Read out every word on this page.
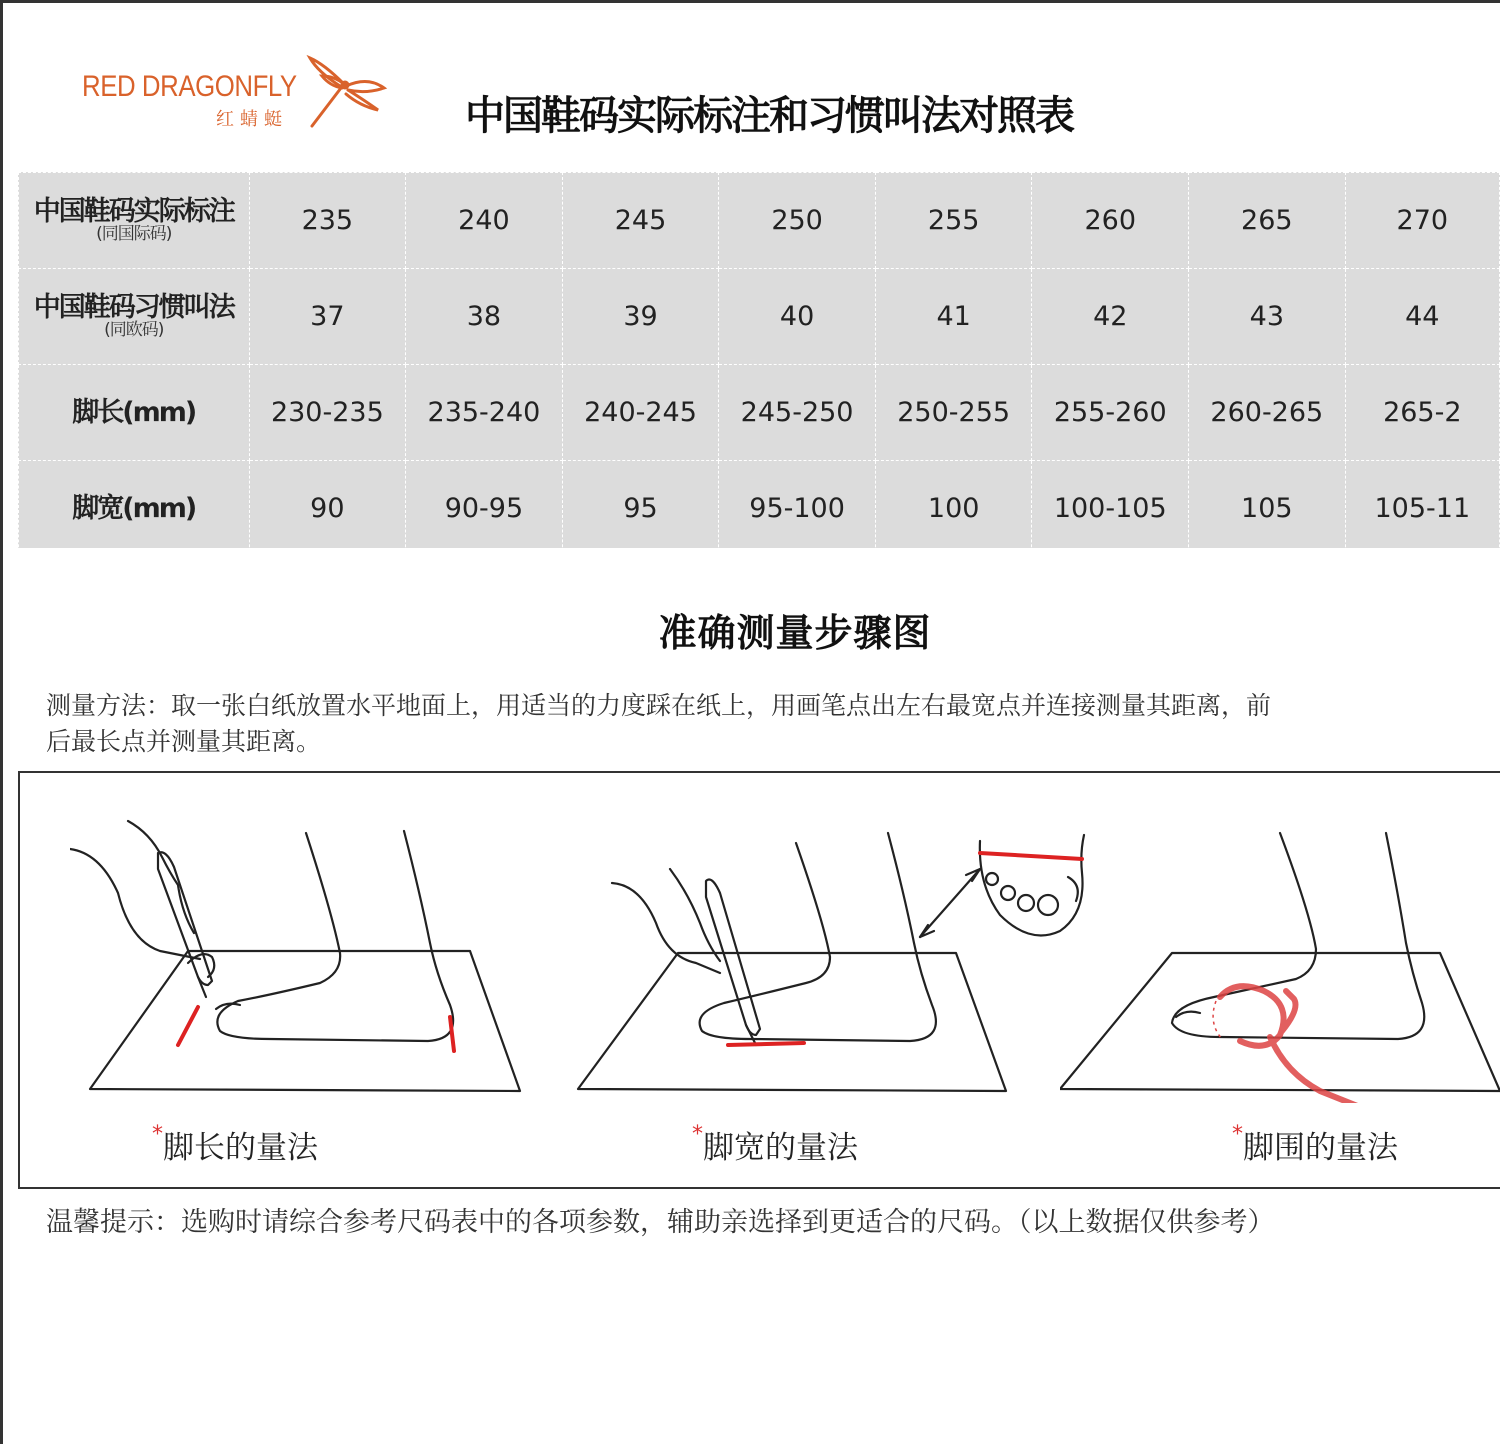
RED DRAGONFLY
红蜻蜓	中国鞋码实际标注和习惯叫法对照表
中国鞋码实际标注
(同国际码)	235	240	245	250	255	260	265	270
中国鞋码习惯叫法
(同欧码)	37	38	39	40	41	42	43	44
脚长(mm)	230-235	235-240	240-245	245-250	250-255	255-260	260-265	265-2
脚宽(mm)	90	90-95	95	95-100	100	100-105	105	105-11
准确测量步骤图
测量方法：取一张白纸放置水平地面上，用适当的力度踩在纸上，用画笔点出左右最宽点并连接测量其距离，前
后最长点并测量其距离。
*脚长的量法	*脚宽的量法	*脚围的量法
温馨提示：选购时请综合参考尺码表中的各项参数，辅助亲选择到更适合的尺码。（以上数据仅供参考）
